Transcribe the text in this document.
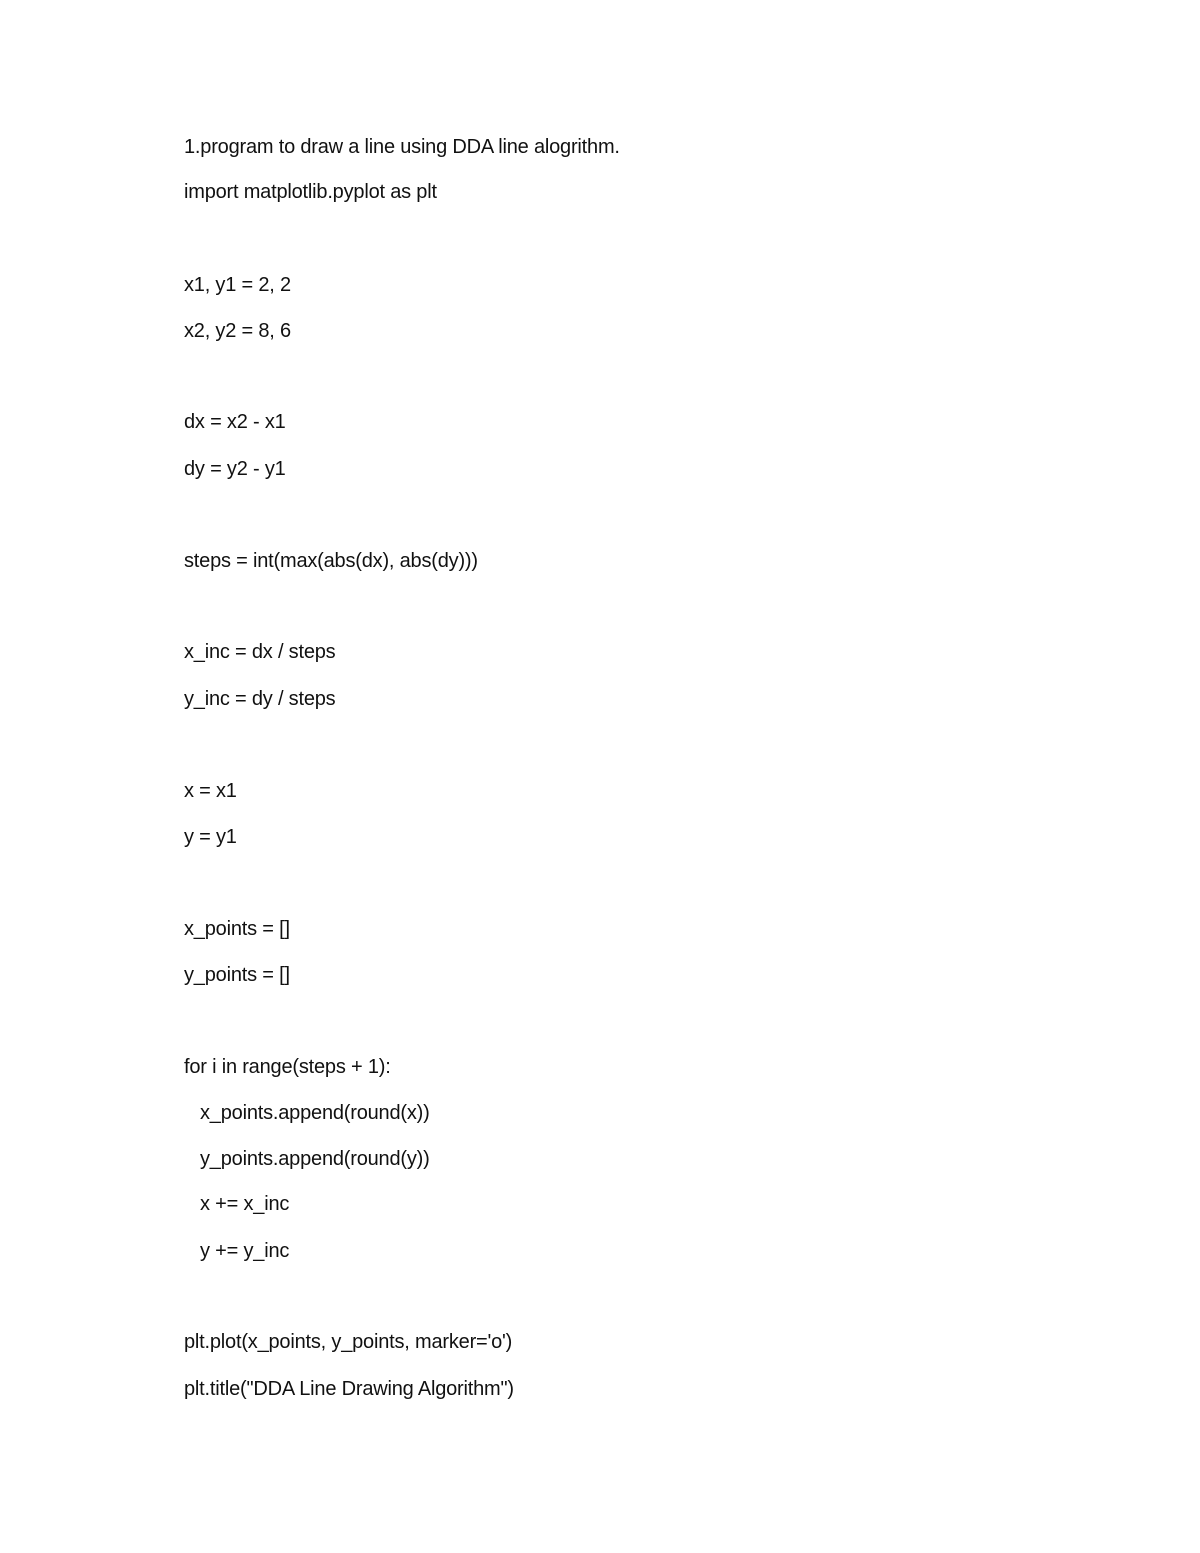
1.program to draw a line using DDA line alogrithm.
import matplotlib.pyplot as plt
x1, y1 = 2, 2
x2, y2 = 8, 6
dx = x2 - x1
dy = y2 - y1
steps = int(max(abs(dx), abs(dy)))
x_inc = dx / steps
y_inc = dy / steps
x = x1
y = y1
x_points = []
y_points = []
for i in range(steps + 1):
x_points.append(round(x))
y_points.append(round(y))
x += x_inc
y += y_inc
plt.plot(x_points, y_points, marker='o')
plt.title("DDA Line Drawing Algorithm")
